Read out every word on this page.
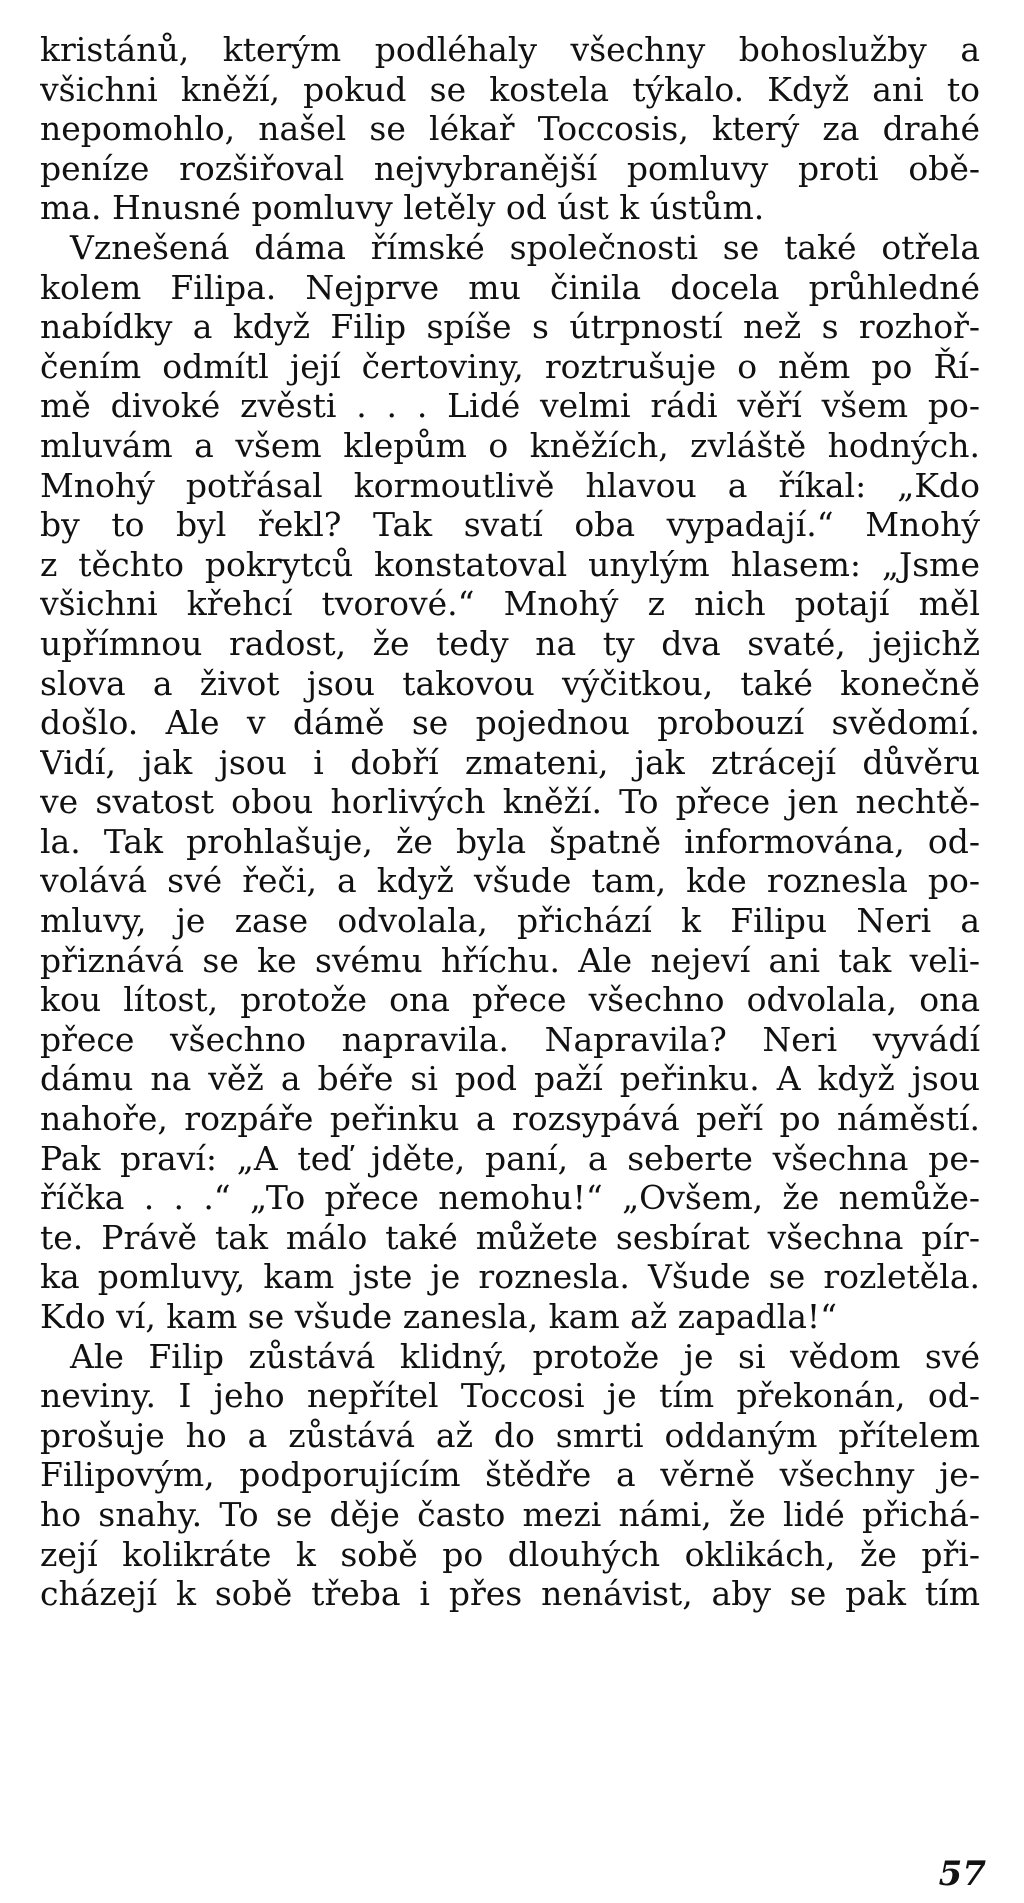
kristánů, kterým podléhaly všechny bohoslužby a
všichni kněží, pokud se kostela týkalo. Když ani to
nepomohlo, našel se lékař Toccosis, který za drahé
peníze rozšiřoval nejvybranější pomluvy proti obě-
ma. Hnusné pomluvy letěly od úst k ústům.
Vznešená dáma římské společnosti se také otřela
kolem Filipa. Nejprve mu činila docela průhledné
nabídky a když Filip spíše s útrpností než s rozhoř-
čením odmítl její čertoviny, roztrušuje o něm po Ří-
mě divoké zvěsti . . . Lidé velmi rádi věří všem po-
mluvám a všem klepům o kněžích, zvláště hodných.
Mnohý potřásal kormoutlivě hlavou a říkal: „Kdo
by to byl řekl? Tak svatí oba vypadají.“ Mnohý
z těchto pokrytců konstatoval unylým hlasem: „Jsme
všichni křehcí tvorové.“ Mnohý z nich potají měl
upřímnou radost, že tedy na ty dva svaté, jejichž
slova a život jsou takovou výčitkou, také konečně
došlo. Ale v dámě se pojednou probouzí svědomí.
Vidí, jak jsou i dobří zmateni, jak ztrácejí důvěru
ve svatost obou horlivých kněží. To přece jen nechtě-
la. Tak prohlašuje, že byla špatně informována, od-
volává své řeči, a když všude tam, kde roznesla po-
mluvy, je zase odvolala, přichází k Filipu Neri a
přiznává se ke svému hříchu. Ale nejeví ani tak veli-
kou lítost, protože ona přece všechno odvolala, ona
přece všechno napravila. Napravila? Neri vyvádí
dámu na věž a béře si pod paží peřinku. A když jsou
nahoře, rozpáře peřinku a rozsypává peří po náměstí.
Pak praví: „A teď jděte, paní, a seberte všechna pe-
říčka . . .“ „To přece nemohu!“ „Ovšem, že nemůže-
te. Právě tak málo také můžete sesbírat všechna pír-
ka pomluvy, kam jste je roznesla. Všude se rozletěla.
Kdo ví, kam se všude zanesla, kam až zapadla!“
Ale Filip zůstává klidný, protože je si vědom své
neviny. I jeho nepřítel Toccosi je tím překonán, od-
prošuje ho a zůstává až do smrti oddaným přítelem
Filipovým, podporujícím štědře a věrně všechny je-
ho snahy. To se děje často mezi námi, že lidé přichá-
zejí kolikráte k sobě po dlouhých oklikách, že při-
cházejí k sobě třeba i přes nenávist, aby se pak tím
57
